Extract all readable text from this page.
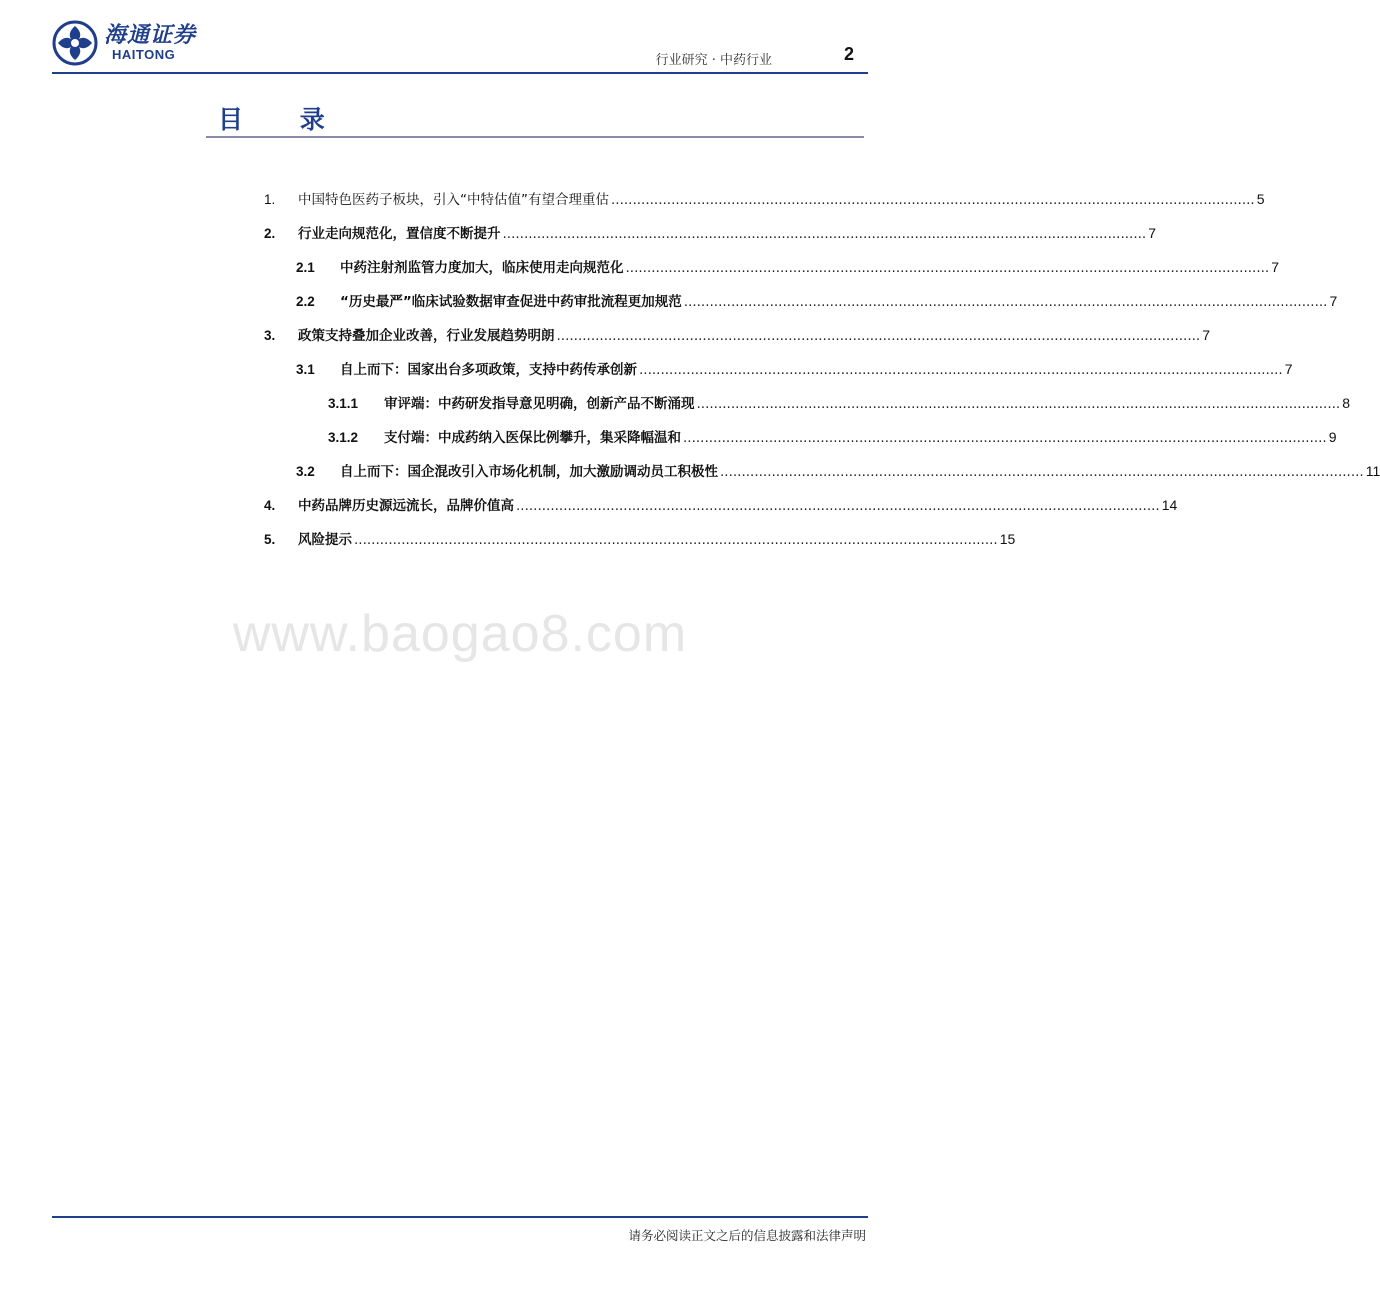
海通证券
HAITONG	行业研究 · 中药行业	2
目 录
1.	中国特色医药子板块，引入“中特估值”有望合理重估 ...................................................................................................................................................... 5
2.	行业走向规范化，置信度不断提升 ...................................................................................................................................................... 7
2.1	中药注射剂监管力度加大，临床使用走向规范化 ...................................................................................................................................................... 7
2.2	“历史最严”临床试验数据审查促进中药审批流程更加规范 ...................................................................................................................................................... 7
3.	政策支持叠加企业改善，行业发展趋势明朗 ...................................................................................................................................................... 7
3.1	自上而下：国家出台多项政策，支持中药传承创新 ...................................................................................................................................................... 7
3.1.1	审评端：中药研发指导意见明确，创新产品不断涌现 ...................................................................................................................................................... 8
3.1.2	支付端：中成药纳入医保比例攀升，集采降幅温和 ...................................................................................................................................................... 9
3.2	自上而下：国企混改引入市场化机制，加大激励调动员工积极性 ...................................................................................................................................................... 11
4.	中药品牌历史源远流长，品牌价值高 ...................................................................................................................................................... 14
5.	风险提示 ...................................................................................................................................................... 15
www.baogao8.com
请务必阅读正文之后的信息披露和法律声明
